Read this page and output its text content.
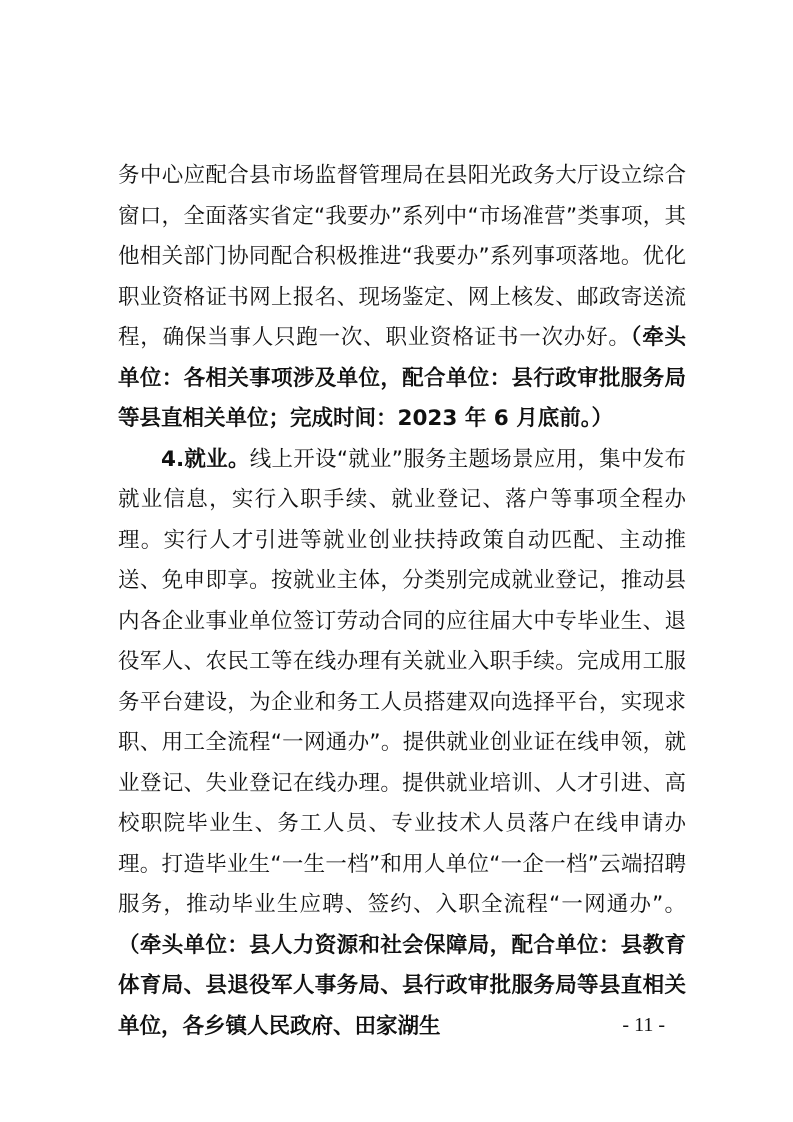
务中心应配合县市场监督管理局在县阳光政务大厅设立综合窗口，全面落实省定“我要办”系列中“市场准营”类事项，其他相关部门协同配合积极推进“我要办”系列事项落地。优化职业资格证书网上报名、现场鉴定、网上核发、邮政寄送流程，确保当事人只跑一次、职业资格证书一次办好。（牵头单位：各相关事项涉及单位，配合单位：县行政审批服务局等县直相关单位；完成时间：2023 年 6 月底前。）

4.就业。线上开设“就业”服务主题场景应用，集中发布就业信息，实行入职手续、就业登记、落户等事项全程办理。实行人才引进等就业创业扶持政策自动匹配、主动推送、免申即享。按就业主体，分类别完成就业登记，推动县内各企业事业单位签订劳动合同的应往届大中专毕业生、退役军人、农民工等在线办理有关就业入职手续。完成用工服务平台建设，为企业和务工人员搭建双向选择平台，实现求职、用工全流程“一网通办”。提供就业创业证在线申领，就业登记、失业登记在线办理。提供就业培训、人才引进、高校职院毕业生、务工人员、专业技术人员落户在线申请办理。打造毕业生“一生一档”和用人单位“一企一档”云端招聘服务，推动毕业生应聘、签约、入职全流程“一网通办”。（牵头单位：县人力资源和社会保障局，配合单位：县教育体育局、县退役军人事务局、县行政审批服务局等县直相关单位，各乡镇人民政府、田家湖生	- 11 -
